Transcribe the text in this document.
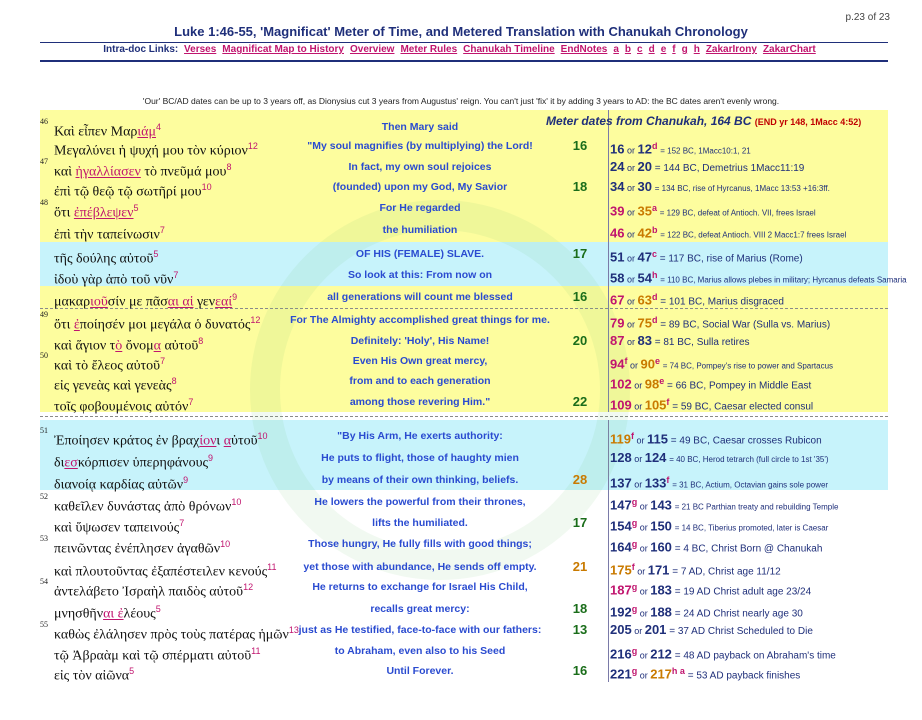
p.23 of 23
Luke 1:46-55, 'Magnificat' Meter of Time, and Metered Translation with Chanukah Chronology
Intra-doc Links: Verses Magnificat Map to History Overview Meter Rules Chanukah Timeline EndNotes a b c d e f g h ZakarIrony ZakarChart
'Our' BC/AD dates can be up to 3 years off, as Dionysius cut 3 years from Augustus' reign. You can't just 'fix' it by adding 3 years to AD: the BC dates aren't evenly wrong.
Meter dates from Chanukah, 164 BC (END yr 148, 1Macc 4:52)
46
Καὶ εἶπεν Μαριάμ$^4$	Then Mary said
Μεγαλύνει ἡ ψυχή μου τὸν κύριον$^{12}$	"My soul magnifies (by multiplying) the Lord!	16	16 or $12^d = 152$ BC, 1Macc10:1, 21
47
καὶ ἠγαλλίασεν τὸ πνεῦμά μου$^8$	In fact, my own soul rejoices	24 or 20 = 144 BC, Demetrius 1Macc11:19
ἐπὶ τῷ θεῷ τῷ σωτῆρί μου$^{10}$	(founded) upon my God, My Savior	18	34 or 30 = 134 BC, rise of Hyrcanus, 1Macc 13:53 +16:3ff.
48
ὅτι ἐπέβλεψεν$^5$	For He regarded	39 or $35^a = 129$ BC, defeat of Antioch. VII, frees Israel
ἐπὶ τὴν ταπείνωσιν$^7$	the humiliation	46 or $42^b = 122$ BC, defeat Antioch. VIII 2 Macc1:7 frees Israel
τῆς δούλης αὐτοῦ$^5$	OF HIS (FEMALE) SLAVE.	17	51 or $47^c = 117$ BC, rise of Marius (Rome)
ἰδοὺ γὰρ ἀπὸ τοῦ νῦν$^7$	So look at this: From now on	58 or $54^h = 110$ BC, Marius allows plebes in military; Hyrcanus defeats Samaria
μακαριοῦσίν με πᾶσαι αἱ γενεαί$^9$	all generations will count me blessed	16	67 or $63^d = 101$ BC, Marius disgraced
49
ὅτι ἐποίησέν μοι μεγάλα ὁ δυνατός$^{12}$	For The Almighty accomplished great things for me.	79 or $75^d = 89$ BC, Social War (Sulla vs. Marius)
καὶ ἅγιον τὸ ὄνομα αὐτοῦ$^8$	Definitely: 'Holy', His Name!	20	87 or 83 = 81 BC, Sulla retires
50
καὶ τὸ ἔλεος αὐτοῦ$^7$	Even His Own great mercy,	94$^f$ or $90^e = 74$ BC, Pompey's rise to power and Spartacus
εἰς γενεὰς καὶ γενεὰς$^8$	from and to each generation	102 or $98^e = 66$ BC, Pompey in Middle East
τοῖς φοβουμένοις αὐτόν$^7$	among those revering Him."	22	109 or $105^f = 59$ BC, Caesar elected consul
51
Ἐποίησεν κράτος ἐν βραχίονι αὐτοῦ$^{10}$	"By His Arm, He exerts authority:	119$^f$ or 115 = 49 BC, Caesar crosses Rubicon
διεσκόρπισεν ὑπερηφάνους$^9$	He puts to flight, those of haughty mien	128 or 124 = 40 BC, Herod tetrarch (full circle to 1st '35')
διανοίᾳ καρδίας αὐτῶν$^9$	by means of their own thinking, beliefs.	28	137 or $133^f = 31$ BC, Actium, Octavian gains sole power
52
καθεῖλεν δυνάστας ἀπὸ θρόνων$^{10}$	He lowers the powerful from their thrones,	147$^g$ or 143 = 21 BC Parthian treaty and rebuilding Temple
καὶ ὕψωσεν ταπεινούς$^7$	lifts the humiliated.	17	154$^g$ or 150 = 14 BC, Tiberius promoted, later is Caesar
53
πεινῶντας ἐνέπλησεν ἀγαθῶν$^{10}$	Those hungry, He fully fills with good things;	164$^g$ or 160 = 4 BC, Christ Born @ Chanukah
καὶ πλουτοῦντας ἐξαπέστειλεν κενούς$^{11}$	yet those with abundance, He sends off empty.	21	175$^f$ or 171 = 7 AD, Christ age 11/12
54
ἀντελάβετο Ἰσραὴλ παιδὸς αὐτοῦ$^{12}$	He returns to exchange for Israel His Child,	187$^g$ or 183 = 19 AD Christ adult age 23/24
μνησθῆναι ἐλέους$^5$	recalls great mercy:	18	192$^g$ or 188 = 24 AD Christ nearly age 30
55
καθὼς ἐλάλησεν πρὸς τοὺς πατέρας ἡμῶν$^{13}$ just as He testified, face-to-face with our fathers:	13	205 or 201 = 37 AD Christ Scheduled to Die
τῷ Ἀβραὰμ καὶ τῷ σπέρματι αὐτοῦ$^{11}$	to Abraham, even also to his Seed	216$^g$ or 212 = 48 AD payback on Abraham's time
εἰς τὸν αἰῶνα$^5$	Until Forever.	16	221$^g$ or $217^{h a} = 53$ AD payback finishes
